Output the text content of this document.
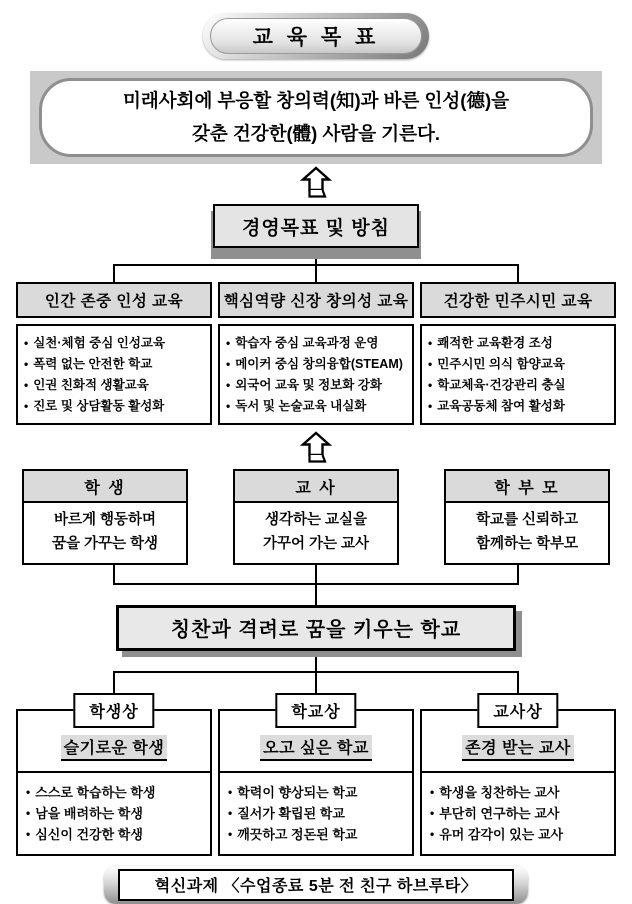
교 육 목 표
미래사회에 부응할 창의력(知)과 바른 인성(德)을
갖춘 건강한(體) 사람을 기른다.
경영목표 및 방침
인간 존중 인성 교육
• 실천·체험 중심 인성교육
• 폭력 없는 안전한 학교
• 인권 친화적 생활교육
• 진로 및 상담활동 활성화
핵심역량 신장 창의성 교육
• 학습자 중심 교육과정 운영
• 메이커 중심 창의융합(STEAM)
• 외국어 교육 및 정보화 강화
• 독서 및 논술교육 내실화
건강한 민주시민 교육
• 쾌적한 교육환경 조성
• 민주시민 의식 함양교육
• 학교체육·건강관리 충실
• 교육공동체 참여 활성화
학 생
바르게 행동하며
꿈을 가꾸는 학생
교 사
생각하는 교실을
가꾸어 가는 교사
학 부 모
학교를 신뢰하고
함께하는 학부모
칭찬과 격려로 꿈을 키우는 학교
학생상
슬기로운 학생
• 스스로 학습하는 학생
• 남을 배려하는 학생
• 심신이 건강한 학생
학교상
오고 싶은 학교
• 학력이 향상되는 학교
• 질서가 확립된 학교
• 깨끗하고 정돈된 학교
교사상
존경 받는 교사
• 학생을 칭찬하는 교사
• 부단히 연구하는 교사
• 유머 감각이 있는 교사
혁신과제 〈수업종료 5분 전 친구 하브루타〉
